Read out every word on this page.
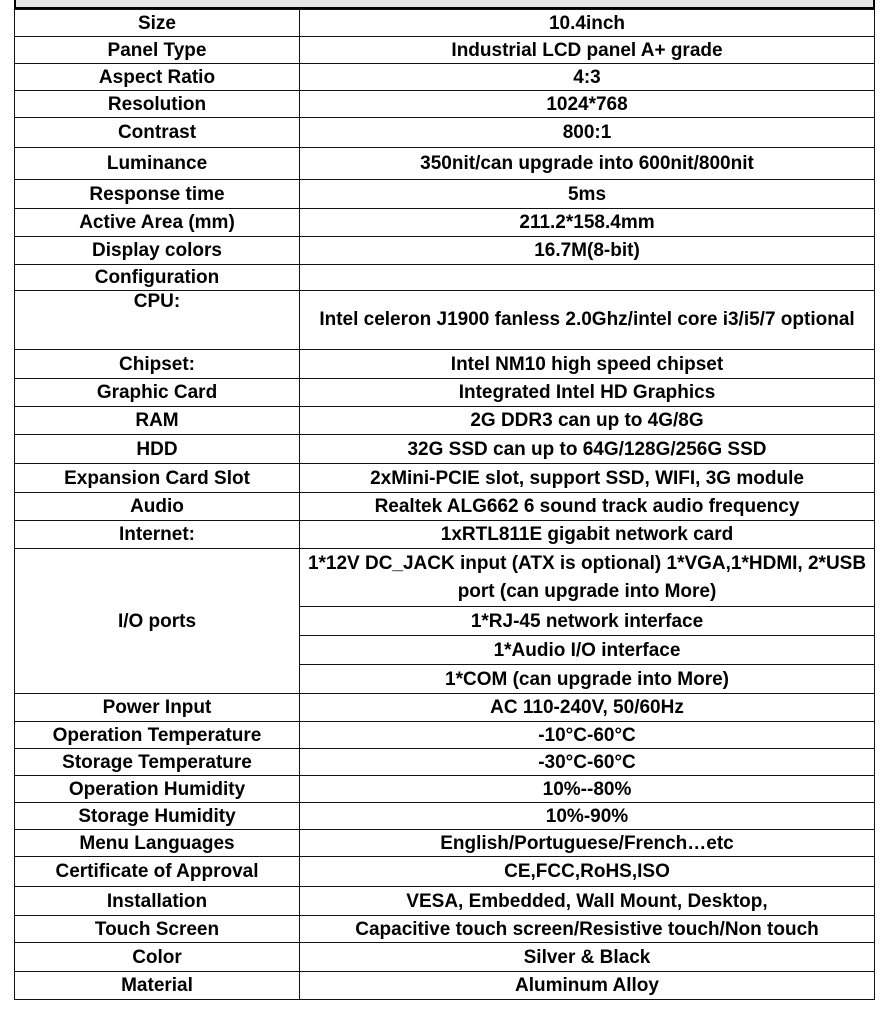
Size	10.4inch
Panel Type	Industrial LCD panel A+ grade
Aspect Ratio	4:3
Resolution	1024*768
Contrast	800:1
Luminance	350nit/can upgrade into 600nit/800nit
Response time	5ms
Active Area (mm)	211.2*158.4mm
Display colors	16.7M(8-bit)
Configuration	
CPU:	Intel celeron J1900 fanless 2.0Ghz/intel core i3/i5/7 optional
Chipset:	Intel NM10 high speed chipset
Graphic Card	Integrated Intel HD Graphics
RAM	2G DDR3 can up to 4G/8G
HDD	32G SSD can up to 64G/128G/256G SSD
Expansion Card Slot	2xMini-PCIE slot, support SSD, WIFI, 3G module
Audio	Realtek ALG662 6 sound track audio frequency
Internet:	1xRTL811E gigabit network card
I/O ports	1*12V DC_JACK input (ATX is optional) 1*VGA,1*HDMI, 2*USB port (can upgrade into More)
	1*RJ-45 network interface
	1*Audio I/O interface
	1*COM (can upgrade into More)
Power Input	AC 110-240V, 50/60Hz
Operation Temperature	-10°C-60°C
Storage Temperature	-30°C-60°C
Operation Humidity	10%--80%
Storage Humidity	10%-90%
Menu Languages	English/Portuguese/French…etc
Certificate of Approval	CE,FCC,RoHS,ISO
Installation	VESA, Embedded, Wall Mount, Desktop,
Touch Screen	Capacitive touch screen/Resistive touch/Non touch
Color	Silver & Black
Material	Aluminum Alloy
